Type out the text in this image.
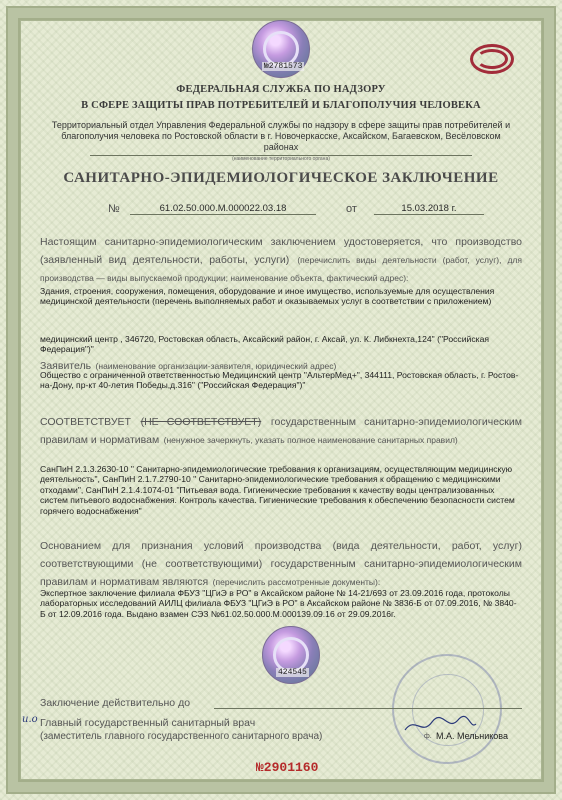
№2781573
ФЕДЕРАЛЬНАЯ СЛУЖБА ПО НАДЗОРУ
В СФЕРЕ ЗАЩИТЫ ПРАВ ПОТРЕБИТЕЛЕЙ И БЛАГОПОЛУЧИЯ ЧЕЛОВЕКА
Территориальный отдел Управления Федеральной службы по надзору в сфере защиты прав потребителей и благополучия человека по Ростовской области в г. Новочеркасске, Аксайском, Багаевском, Весёловском районах
(наименование территориального органа)
САНИТАРНО-ЭПИДЕМИОЛОГИЧЕСКОЕ ЗАКЛЮЧЕНИЕ
№	61.02.50.000.М.000022.03.18	от	15.03.2018 г.
Настоящим санитарно-эпидемиологическим заключением удостоверяется, что производство (заявленный вид деятельности, работы, услуги) (перечислить виды деятельности (работ, услуг), для производства — виды выпускаемой продукции; наименование объекта, фактический адрес):
Здания, строения, сооружения, помещения, оборудование и иное имущество, используемые для осуществления медицинской деятельности (перечень выполняемых работ и оказываемых услуг в соответствии с приложением)
медицинский центр , 346720, Ростовская область, Аксайский район, г. Аксай, ул. К. Либкнехта,124" ("Российская Федерация")"
Заявитель (наименование организации-заявителя, юридический адрес)
Общество с ограниченной ответственностью Медицинский центр "АльтерМед+", 344111, Ростовская область, г. Ростов-на-Дону, пр-кт 40-летия Победы,д.316" ("Российская Федерация")"
СООТВЕТСТВУЕТ (НЕ СООТВЕТСТВУЕТ) государственным санитарно-эпидемиологическим правилам и нормативам (ненужное зачеркнуть, указать полное наименование санитарных правил)
СанПиН 2.1.3.2630-10 " Санитарно-эпидемиологические требования к организациям, осуществляющим медицинскую деятельность", СанПиН 2.1.7.2790-10 " Санитарно-эпидемиологические требования к обращению с медицинскими отходами", СанПиН 2.1.4.1074-01 "Питьевая вода. Гигиенические требования к качеству воды централизованных систем питьевого водоснабжения. Контроль качества. Гигиенические требования к обеспечению безопасности систем горячего водоснабжения"
Основанием для признания условий производства (вида деятельности, работ, услуг) соответствующими (не соответствующими) государственным санитарно-эпидемиологическим правилам и нормативам являются (перечислить рассмотренные документы):
Экспертное заключение филиала ФБУЗ "ЦГиЭ в РО" в Аксайском районе № 14-21/693 от 23.09.2016 года, протоколы лабораторных исследований АИЛЦ филиала ФБУЗ "ЦГиЭ в РО" в Аксайском районе № 3836-Б от 07.09.2016, № 3840-Б от 12.09.2016 года. Выдано взамен СЭЗ №61.02.50.000.М.000139.09.16 от 29.09.2016г.
424545
Заключение действительно до
и.о Главный государственный санитарный врач
(заместитель главного государственного санитарного врача)	ф. М.А. Мельникова
№2901160
